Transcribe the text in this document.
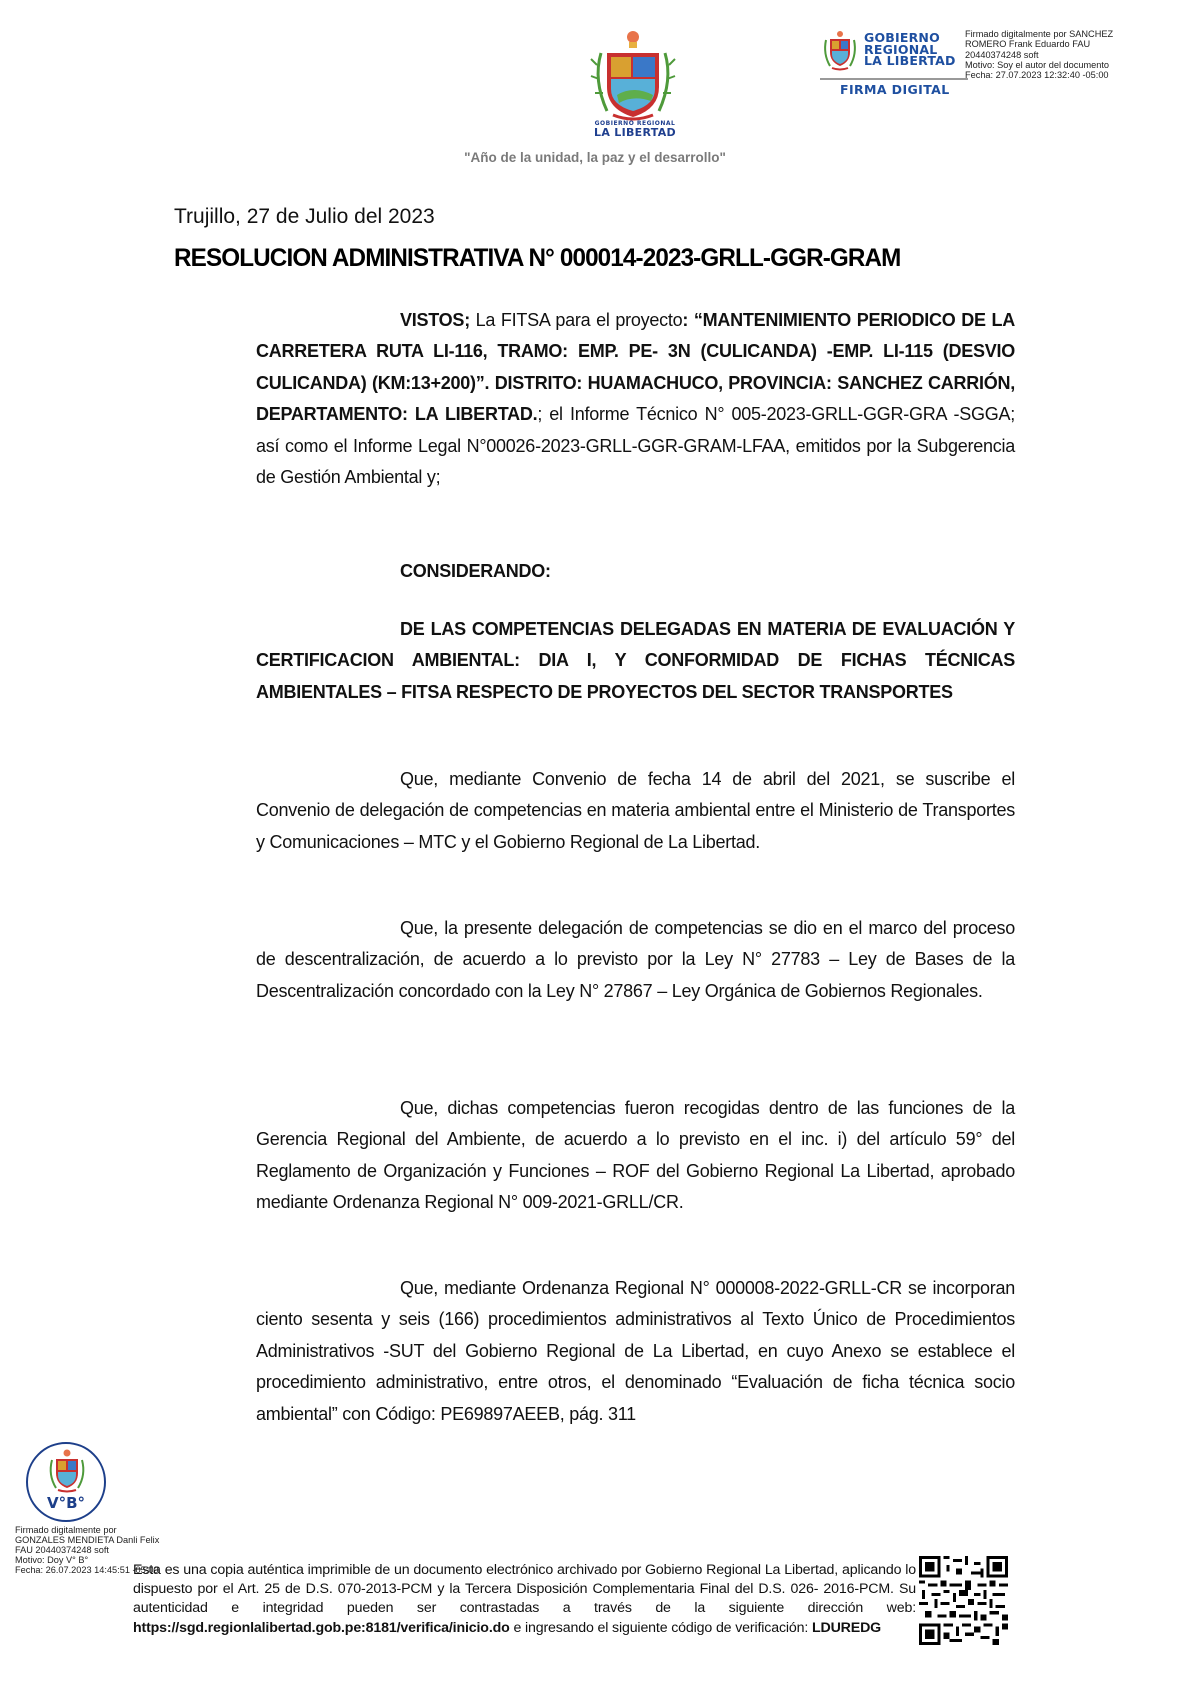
GOBIERNO REGIONAL
LA LIBERTAD
"Año de la unidad, la paz y el desarrollo"
GOBIERNO
REGIONAL
LA LIBERTAD
FIRMA DIGITAL
Firmado digitalmente por SANCHEZ
ROMERO Frank Eduardo FAU
20440374248 soft
Motivo: Soy el autor del documento
Fecha: 27.07.2023 12:32:40 -05:00
Trujillo, 27 de Julio del 2023
RESOLUCION ADMINISTRATIVA N° 000014-2023-GRLL-GGR-GRAM
VISTOS; La FITSA para el proyecto: “MANTENIMIENTO PERIODICO DE LA CARRETERA RUTA LI-116, TRAMO: EMP. PE- 3N (CULICANDA) -EMP. LI-115 (DESVIO CULICANDA) (KM:13+200)”. DISTRITO: HUAMACHUCO, PROVINCIA: SANCHEZ CARRIÓN, DEPARTAMENTO: LA LIBERTAD.; el Informe Técnico N° 005-2023-GRLL-GGR-GRA -SGGA; así como el Informe Legal N°00026-2023-GRLL-GGR-GRAM-LFAA, emitidos por la Subgerencia de Gestión Ambiental y;
CONSIDERANDO:
DE LAS COMPETENCIAS DELEGADAS EN MATERIA DE EVALUACIÓN Y CERTIFICACION AMBIENTAL: DIA I, Y CONFORMIDAD DE FICHAS TÉCNICAS AMBIENTALES – FITSA RESPECTO DE PROYECTOS DEL SECTOR TRANSPORTES
Que, mediante Convenio de fecha 14 de abril del 2021, se suscribe el Convenio de delegación de competencias en materia ambiental entre el Ministerio de Transportes y Comunicaciones – MTC y el Gobierno Regional de La Libertad.
Que, la presente delegación de competencias se dio en el marco del proceso de descentralización, de acuerdo a lo previsto por la Ley N° 27783 – Ley de Bases de la Descentralización concordado con la Ley N° 27867 – Ley Orgánica de Gobiernos Regionales.
Que, dichas competencias fueron recogidas dentro de las funciones de la Gerencia Regional del Ambiente, de acuerdo a lo previsto en el inc. i) del artículo 59° del Reglamento de Organización y Funciones – ROF del Gobierno Regional La Libertad, aprobado mediante Ordenanza Regional N° 009-2021-GRLL/CR.
Que, mediante Ordenanza Regional N° 000008-2022-GRLL-CR se incorporan ciento sesenta y seis (166) procedimientos administrativos al Texto Único de Procedimientos Administrativos -SUT del Gobierno Regional de La Libertad, en cuyo Anexo se establece el procedimiento administrativo, entre otros, el denominado “Evaluación de ficha técnica socio ambiental” con Código: PE69897AEEB, pág. 311
V°B°
Firmado digitalmente por
GONZALES MENDIETA Danli Felix
FAU 20440374248 soft
Motivo: Doy V° B°
Fecha: 26.07.2023 14:45:51 -05:00
Esta es una copia auténtica imprimible de un documento electrónico archivado por Gobierno Regional La Libertad, aplicando lo dispuesto por el Art. 25 de D.S. 070-2013-PCM y la Tercera Disposición Complementaria Final del D.S. 026- 2016-PCM. Su autenticidad e integridad pueden ser contrastadas a través de la siguiente dirección web: https://sgd.regionlalibertad.gob.pe:8181/verifica/inicio.do e ingresando el siguiente código de verificación: LDUREDG
